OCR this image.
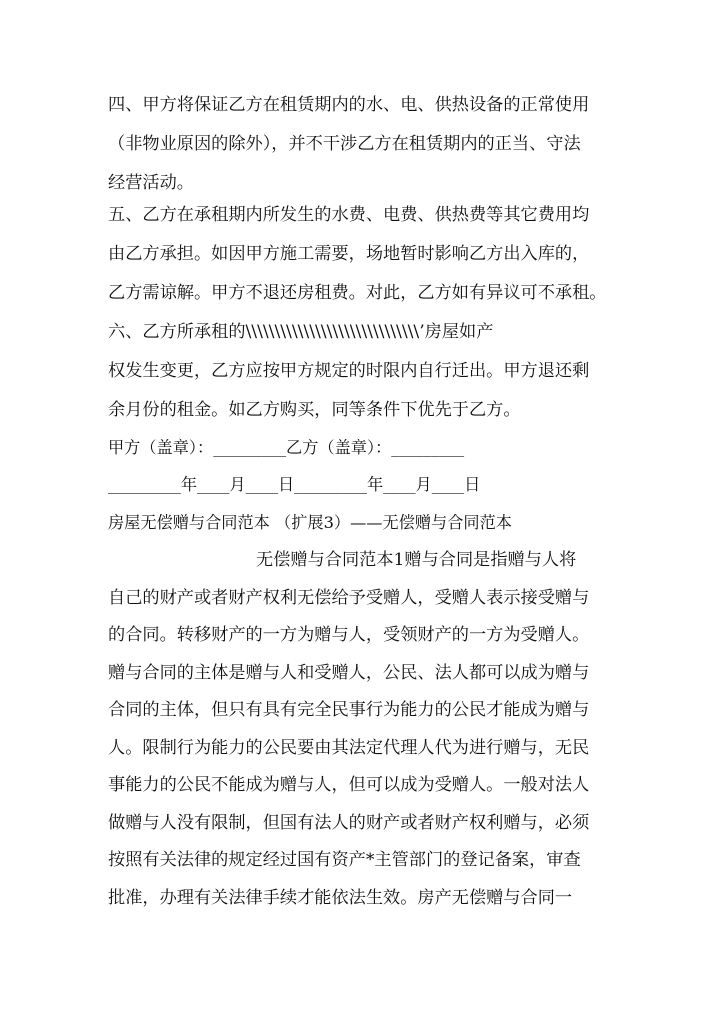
四、甲方将保证乙方在租赁期内的水、电、供热设备的正常使用
（非物业原因的除外），并不干涉乙方在租赁期内的正当、守法
经营活动。
五、乙方在承租期内所发生的水费、电费、供热费等其它费用均
由乙方承担。如因甲方施工需要，场地暂时影响乙方出入库的，
乙方需谅解。甲方不退还房租费。对此，乙方如有异议可不承租。
六、乙方所承租的\\\\\\\\\\\\\\\\\\\\\\\\\\\\\\’房屋如产
权发生变更，乙方应按甲方规定的时限内自行迁出。甲方退还剩
余月份的租金。如乙方购买，同等条件下优先于乙方。
甲方（盖章）：_________乙方（盖章）：_________
_________年____月____日_________年____月____日
房屋无偿赠与合同范本 （扩展3）——无偿赠与合同范本
无偿赠与合同范本1赠与合同是指赠与人将
自己的财产或者财产权利无偿给予受赠人，受赠人表示接受赠与
的合同。转移财产的一方为赠与人，受领财产的一方为受赠人。
赠与合同的主体是赠与人和受赠人，公民、法人都可以成为赠与
合同的主体，但只有具有完全民事行为能力的公民才能成为赠与
人。限制行为能力的公民要由其法定代理人代为进行赠与，无民
事能力的公民不能成为赠与人，但可以成为受赠人。一般对法人
做赠与人没有限制，但国有法人的财产或者财产权利赠与，必须
按照有关法律的规定经过国有资产*主管部门的登记备案，审查
批准，办理有关法律手续才能依法生效。房产无偿赠与合同一
